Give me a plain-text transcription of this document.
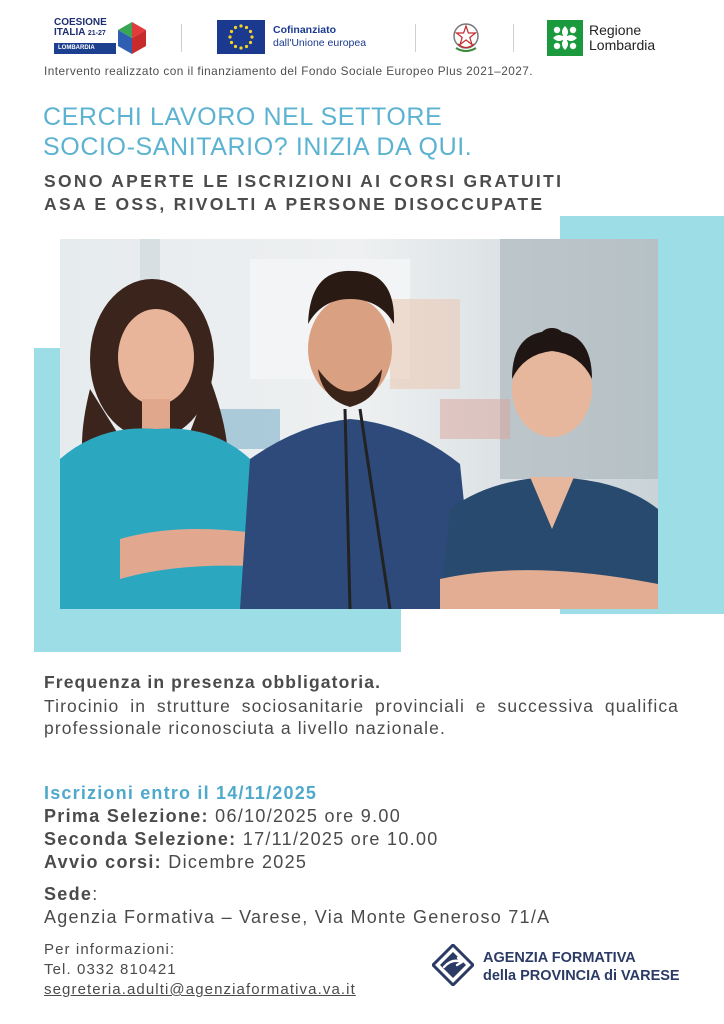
COESIONE
ITALIA 21-27
LOMBARDIA
Cofinanziato
dall'Unione europea
Regione
Lombardia
Intervento realizzato con il finanziamento del Fondo Sociale Europeo Plus 2021–2027.
CERCHI LAVORO NEL SETTORE
SOCIO-SANITARIO? INIZIA DA QUI.
SONO APERTE LE ISCRIZIONI AI CORSI GRATUITI
ASA E OSS, RIVOLTI A PERSONE DISOCCUPATE
Frequenza in presenza obbligatoria.
Tirocinio in strutture sociosanitarie provinciali e successiva qualifica professionale riconosciuta a livello nazionale.
Iscrizioni entro il 14/11/2025
Prima Selezione: 06/10/2025 ore 9.00
Seconda Selezione: 17/11/2025 ore 10.00
Avvio corsi: Dicembre 2025
Sede:
Agenzia Formativa – Varese, Via Monte Generoso 71/A
Per informazioni:
Tel. 0332 810421
segreteria.adulti@agenziaformativa.va.it
AGENZIA FORMATIVA
della PROVINCIA di VARESE
